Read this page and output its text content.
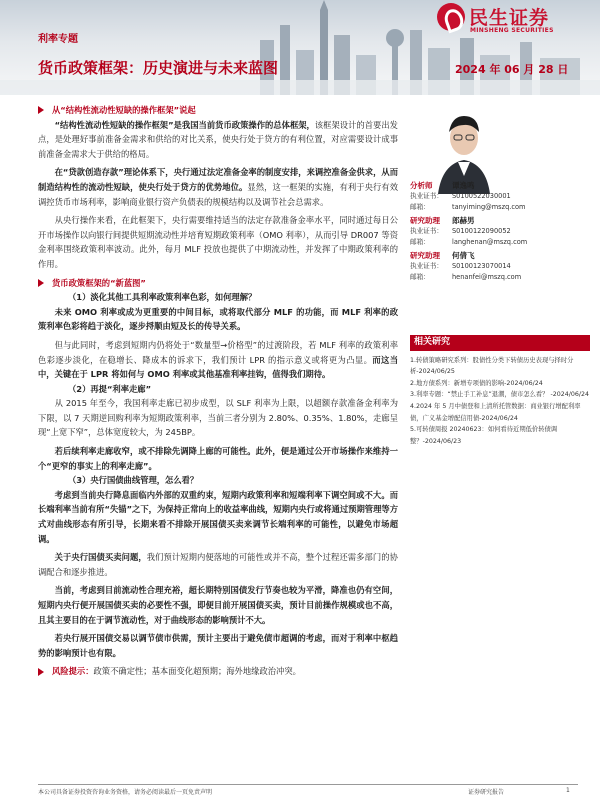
民生证券
MINSHENG SECURITIES
利率专题
货币政策框架：历史演进与未来蓝图	2024 年 06 月 28 日
从“结构性流动性短缺的操作框架”说起
“结构性流动性短缺的操作框架”是我国当前货币政策操作的总体框架，该框架设计的首要出发点，是处理好事前准备金需求和供给的对比关系，使央行处于贷方的有利位置，对应需要设计成事前准备金需求大于供给的格局。
在“贷款创造存款”理论体系下，央行通过法定准备金率的制度安排，来调控准备金供求，从而制造结构性的流动性短缺，使央行处于贷方的优势地位。显然，这一框架的实施，有利于央行有效调控货币市场利率，影响商业银行资产负债表的规模结构以及调节社会总需求。
从央行操作来看，在此框架下，央行需要维持适当的法定存款准备金率水平，同时通过每日公开市场操作以向银行间提供短期流动性并培育短期政策利率（OMO 利率），从而引导 DR007 等资金利率围绕政策利率波动。此外，每月 MLF 投放也提供了中期流动性，并发挥了中期政策利率的作用。
货币政策框架的“新蓝图”
（1）淡化其他工具利率政策利率色彩，如何理解？
未来 OMO 利率或成为更重要的中间目标，或将取代部分 MLF 的功能，而 MLF 利率的政策利率色彩将趋于淡化，逐步捋顺由短及长的传导关系。
但与此同时，考虑到短期内仍将处于“数量型→价格型”的过渡阶段，若 MLF 利率的政策利率色彩逐步淡化，在稳增长、降成本的诉求下，我们预计 LPR 的指示意义或将更为凸显。而这当中，关键在于 LPR 将如何与 OMO 利率或其他基准利率挂钩，值得我们期待。
（2）再提“利率走廊”
从 2015 年至今，我国利率走廊已初步成型，以 SLF 利率为上限，以超额存款准备金利率为下限，以 7 天期逆回购利率为短期政策利率，当前三者分别为 2.80%、0.35%、1.80%，走廊呈现“上宽下窄”，总体宽度较大，为 245BP。
若后续利率走廊收窄，或不排除先调降上廊的可能性。此外，便是通过公开市场操作来维持一个“更窄的事实上的利率走廊”。
（3）央行国债曲线管理，怎么看？
考虑到当前央行降息面临内外部的双重约束，短期内政策利率和短端利率下调空间或不大。而长端利率当前有所“失锚”之下，为保持正常向上的收益率曲线，短期内央行或将通过预期管理等方式对曲线形态有所引导，长期来看不排除开展国债买卖来调节长端利率的可能性，以避免市场超调。
关于央行国债买卖问题，我们预计短期内便落地的可能性或并不高，整个过程还需多部门的协调配合和逐步推进。
当前，考虑到目前流动性合理充裕，超长期特别国债发行节奏也较为平滑，降准也仍有空间，短期内央行便开展国债买卖的必要性不强，即便目前开展国债买卖，预计目前操作规模或也不高，且其主要目的在于调节流动性，对于曲线形态的影响预计不大。
若央行展开国债交易以调节债市供需，预计主要出于避免债市超调的考虑，而对于利率中枢趋势的影响预计也有限。
风险提示： 政策不确定性；基本面变化超预期；海外地缘政治冲突。
分析师	谭逸鸣
执业证书：	S0100522030001
邮箱：	tanyiming@mszq.com
研究助理	郎赫男
执业证书：	S0100122090052
邮箱：	langhenan@mszq.com
研究助理	何倩飞
执业证书：	S0100123070014
邮箱：	henanfei@mszq.com
相关研究
1.转债策略研究系列：股债性分类下转债历史表现与择时分析-2024/06/25
2.地方债系列：新增专项债的影响-2024/06/24
3.利率专题：“禁止手工补息”退潮，债市怎么看？ -2024/06/24
4.2024 年 5 月中债登和上清所托管数据：商业银行增配利率债，广义基金增配信用债-2024/06/24
5.可转债周报 20240623：如何看待近期低价转债调整？-2024/06/23
本公司具备证券投资咨询业务资格，请务必阅读最后一页免责声明	证券研究报告	1
